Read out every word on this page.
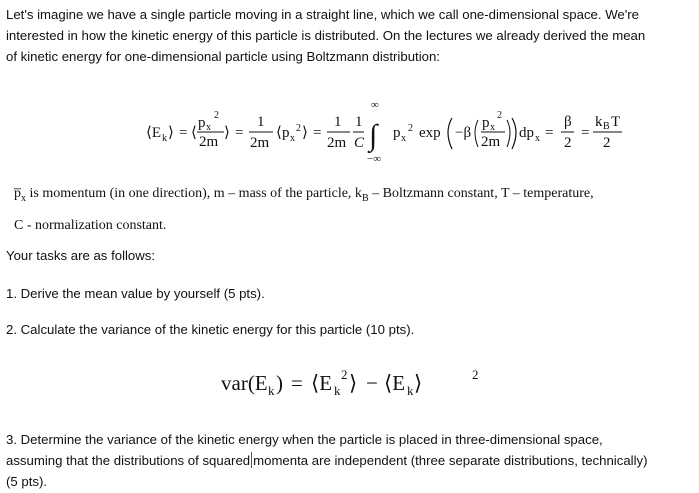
Let's imagine we have a single particle moving in a straight line, which we call one-dimensional space. We're
interested in how the kinetic energy of this particle is distributed. On the lectures we already derived the mean
of kinetic energy for one-dimensional particle using Boltzmann distribution:
⟨E k ⟩ = ⟨
p x
2
2m
⟩ =
1
2m
⟨ p x
2 ⟩ =
1
2m
1
C
∞
∫
−∞
p x
2 exp −β
p x
2
2m
dp x =
β
2
=
k B T
2
$p̅_x$ is momentum (in one direction), m – mass of the particle, $k_B$ – Boltzmann constant, T – temperature,
C - normalization constant.
Your tasks are as follows:
1. Derive the mean value by yourself (5 pts).
2. Calculate the variance of the kinetic energy for this particle (10 pts).
var(E k ) = ⟨E k
2 ⟩ − ⟨E k ⟩	2
3. Determine the variance of the kinetic energy when the particle is placed in three-dimensional space,
assuming that the distributions of squared momenta are independent (three separate distributions, technically)
(5 pts).
